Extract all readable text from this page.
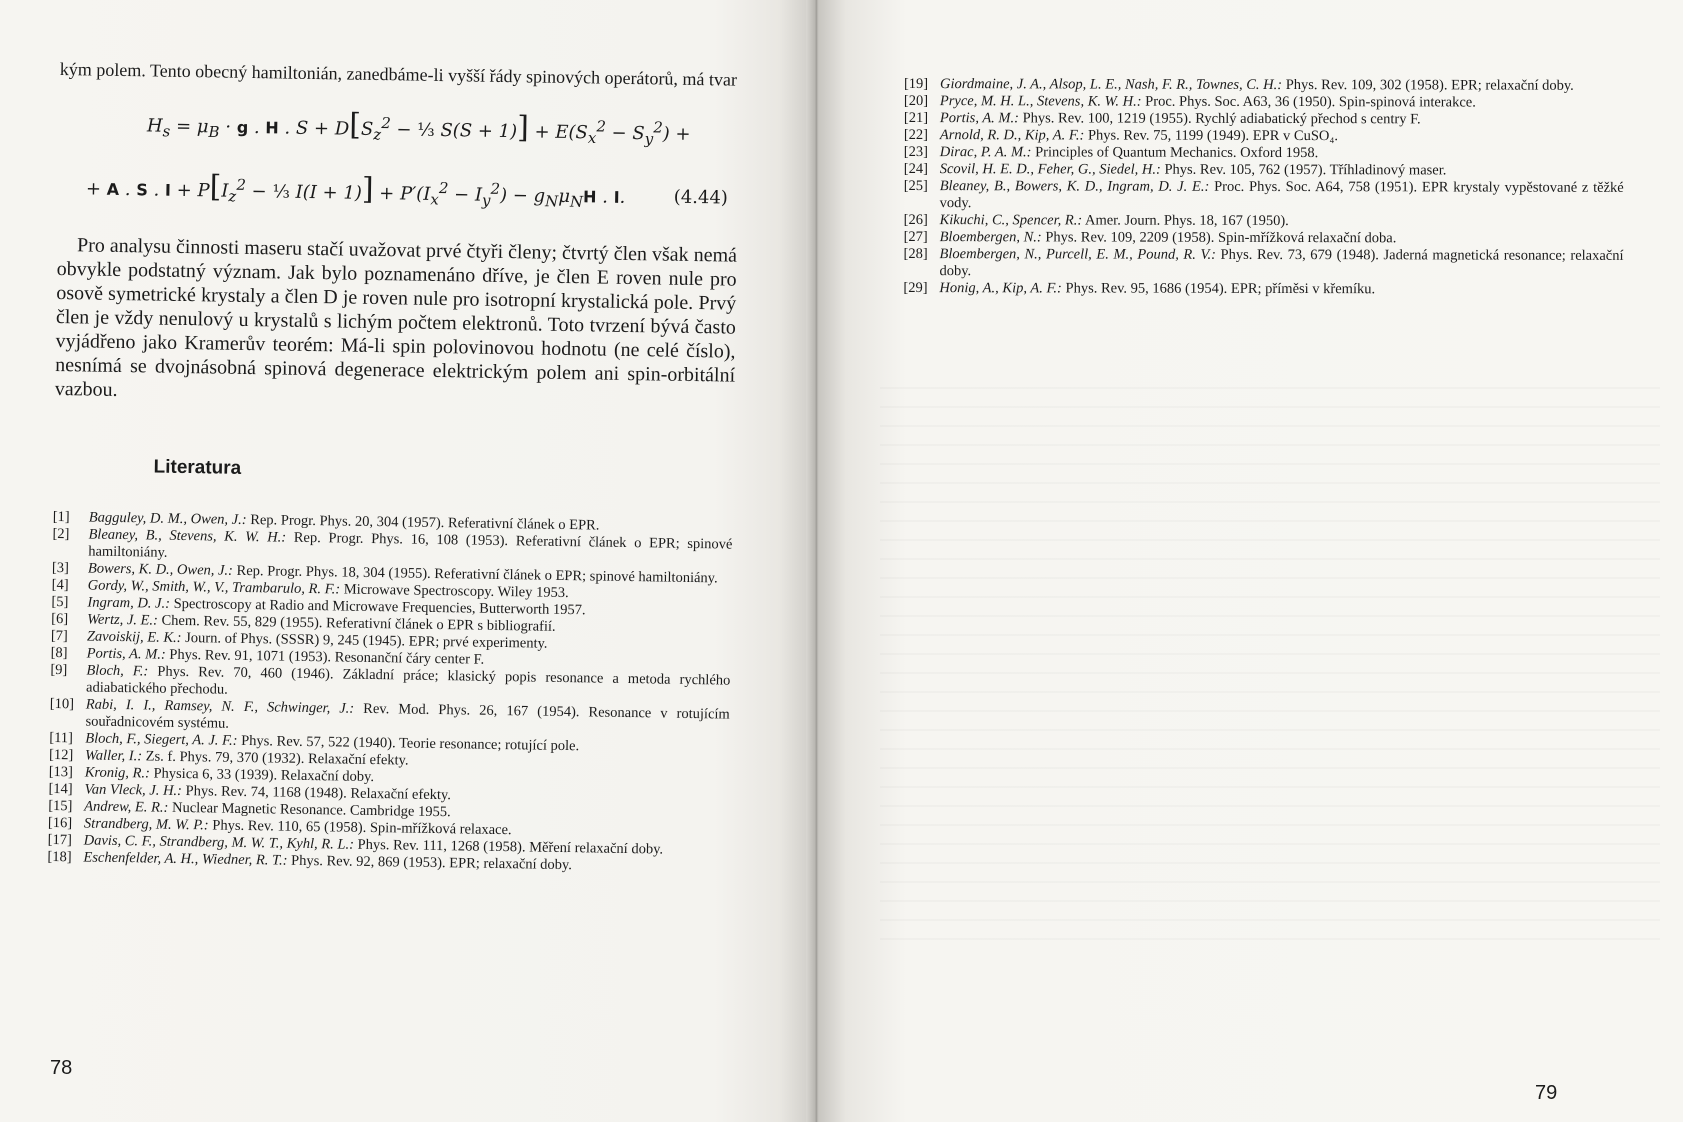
kým polem. Tento obecný hamiltonián, zanedbáme-li vyšší řády spinových operátorů, má tvar

$H_s = \mu_B \cdot g$ . H . $S + D[S_z^2$ − ⅓ $S(S + 1)] + E(S_x^2 - S_y^2)$ +
+ A . S . $I + P[I_z^2$ − ⅓ $I(I + 1)] + P'(I_x^2 - I_y^2) - g_N\mu_NH$ . I.	(4.44)

Pro analysu činnosti maseru stačí uvažovat prvé čtyři členy; čtvrtý člen však nemá obvykle podstatný význam. Jak bylo poznamenáno dříve, je člen E roven nule pro osově symetrické krystaly a člen D je roven nule pro isotropní krystalická pole. Prvý člen je vždy nenulový u krystalů s lichým počtem elektronů. Toto tvrzení bývá často vyjádřeno jako Kramerův teorém: Má-li spin polovinovou hodnotu (ne celé číslo), nesnímá se dvojnásobná spinová degenerace elektrickým polem ani spin-orbitální vazbou.

Literatura
[1]	Bagguley, D. M., Owen, J.: Rep. Progr. Phys. 20, 304 (1957). Referativní článek o EPR.
[2]	Bleaney, B., Stevens, K. W. H.: Rep. Progr. Phys. 16, 108 (1953). Referativní článek o EPR; spinové hamiltoniány.
[3]	Bowers, K. D., Owen, J.: Rep. Progr. Phys. 18, 304 (1955). Referativní článek o EPR; spinové hamiltoniány.
[4]	Gordy, W., Smith, W., V., Trambarulo, R. F.: Microwave Spectroscopy. Wiley 1953.
[5]	Ingram, D. J.: Spectroscopy at Radio and Microwave Frequencies, Butterworth 1957.
[6]	Wertz, J. E.: Chem. Rev. 55, 829 (1955). Referativní článek o EPR s bibliografií.
[7]	Zavoiskij, E. K.: Journ. of Phys. (SSSR) 9, 245 (1945). EPR; prvé experimenty.
[8]	Portis, A. M.: Phys. Rev. 91, 1071 (1953). Resonanční čáry center F.
[9]	Bloch, F.: Phys. Rev. 70, 460 (1946). Základní práce; klasický popis resonance a metoda rychlého adiabatického přechodu.
[10] Rabi, I. I., Ramsey, N. F., Schwinger, J.: Rev. Mod. Phys. 26, 167 (1954). Resonance v rotujícím souřadnicovém systému.
[11] Bloch, F., Siegert, A. J. F.: Phys. Rev. 57, 522 (1940). Teorie resonance; rotující pole.
[12] Waller, I.: Zs. f. Phys. 79, 370 (1932). Relaxační efekty.
[13] Kronig, R.: Physica 6, 33 (1939). Relaxační doby.
[14] Van Vleck, J. H.: Phys. Rev. 74, 1168 (1948). Relaxační efekty.
[15] Andrew, E. R.: Nuclear Magnetic Resonance. Cambridge 1955.
[16] Strandberg, M. W. P.: Phys. Rev. 110, 65 (1958). Spin-mřížková relaxace.
[17] Davis, C. F., Strandberg, M. W. T., Kyhl, R. L.: Phys. Rev. 111, 1268 (1958). Měření relaxační doby.
[18] Eschenfelder, A. H., Wiedner, R. T.: Phys. Rev. 92, 869 (1953). EPR; relaxační doby.
78
[19] Giordmaine, J. A., Alsop, L. E., Nash, F. R., Townes, C. H.: Phys. Rev. 109, 302 (1958). EPR; relaxační doby.
[20] Pryce, M. H. L., Stevens, K. W. H.: Proc. Phys. Soc. A63, 36 (1950). Spin-spinová interakce.
[21] Portis, A. M.: Phys. Rev. 100, 1219 (1955). Rychlý adiabatický přechod s centry F.
[22] Arnold, R. D., Kip, A. F.: Phys. Rev. 75, 1199 (1949). EPR v CuSO₄.
[23] Dirac, P. A. M.: Principles of Quantum Mechanics. Oxford 1958.
[24] Scovil, H. E. D., Feher, G., Siedel, H.: Phys. Rev. 105, 762 (1957). Tříhladinový maser.
[25] Bleaney, B., Bowers, K. D., Ingram, D. J. E.: Proc. Phys. Soc. A64, 758 (1951). EPR krystaly vypěstované z těžké vody.
[26] Kikuchi, C., Spencer, R.: Amer. Journ. Phys. 18, 167 (1950).
[27] Bloembergen, N.: Phys. Rev. 109, 2209 (1958). Spin-mřížková relaxační doba.
[28] Bloembergen, N., Purcell, E. M., Pound, R. V.: Phys. Rev. 73, 679 (1948). Jaderná magnetická resonance; relaxační doby.
[29] Honig, A., Kip, A. F.: Phys. Rev. 95, 1686 (1954). EPR; příměsi v křemíku.
79
